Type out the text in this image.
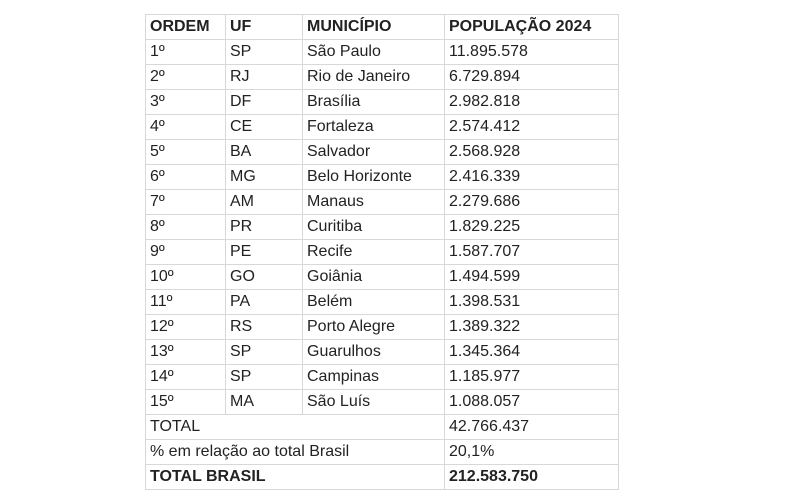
ORDEM	UF	MUNICÍPIO	POPULAÇÃO 2024
1º	SP	São Paulo	11.895.578
2º	RJ	Rio de Janeiro	6.729.894
3º	DF	Brasília	2.982.818
4º	CE	Fortaleza	2.574.412
5º	BA	Salvador	2.568.928
6º	MG	Belo Horizonte	2.416.339
7º	AM	Manaus	2.279.686
8º	PR	Curitiba	1.829.225
9º	PE	Recife	1.587.707
10º	GO	Goiânia	1.494.599
11º	PA	Belém	1.398.531
12º	RS	Porto Alegre	1.389.322
13º	SP	Guarulhos	1.345.364
14º	SP	Campinas	1.185.977
15º	MA	São Luís	1.088.057
TOTAL			42.766.437
% em relação ao total Brasil			20,1%
TOTAL BRASIL			212.583.750
